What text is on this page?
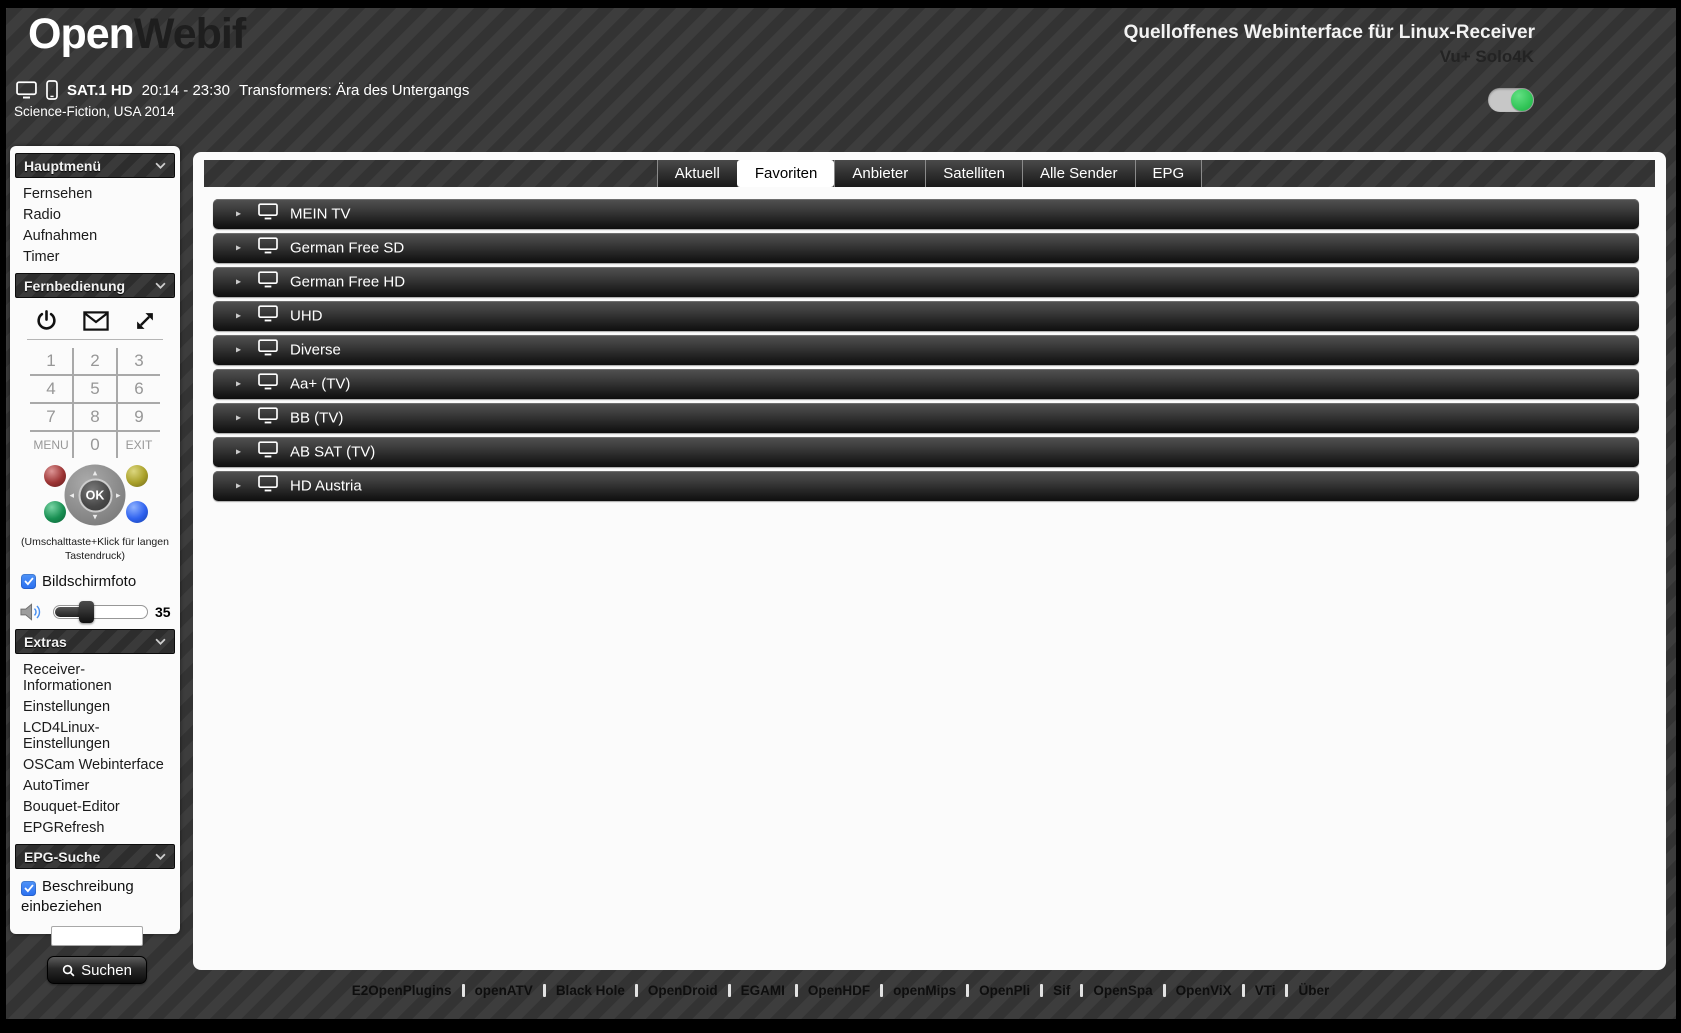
OpenWebif	Quelloffenes Webinterface für Linux-Receiver
Vu+ Solo4K
SAT.1 HD 20:14 - 23:30 Transformers: Ära des Untergangs
Science-Fiction, USA 2014
Hauptmenü
Fernsehen
Radio
Aufnahmen
Timer
Fernbedienung
1	2	3
4	5	6
7	8	9
MENU	0	EXIT
▴
▾
◂	▸
OK
(Umschalttaste+Klick für langen
Tastendruck)
Bildschirmfoto
35
Extras
Receiver-Informationen
Einstellungen
LCD4Linux-Einstellungen
OSCam Webinterface
AutoTimer
Bouquet-Editor
EPGRefresh
EPG-Suche
Beschreibung einbeziehen
Suchen
Aktuell	Favoriten	Anbieter	Satelliten	Alle Sender	EPG
▸	MEIN TV
▸	German Free SD
▸	German Free HD
▸	UHD
▸	Diverse
▸	Aa+ (TV)
▸	BB (TV)
▸	AB SAT (TV)
▸	HD Austria
E2OpenPlugins	openATV	Black Hole	OpenDroid	EGAMI	OpenHDF	openMips	OpenPli	Sif	OpenSpa	OpenViX	VTi	Über
